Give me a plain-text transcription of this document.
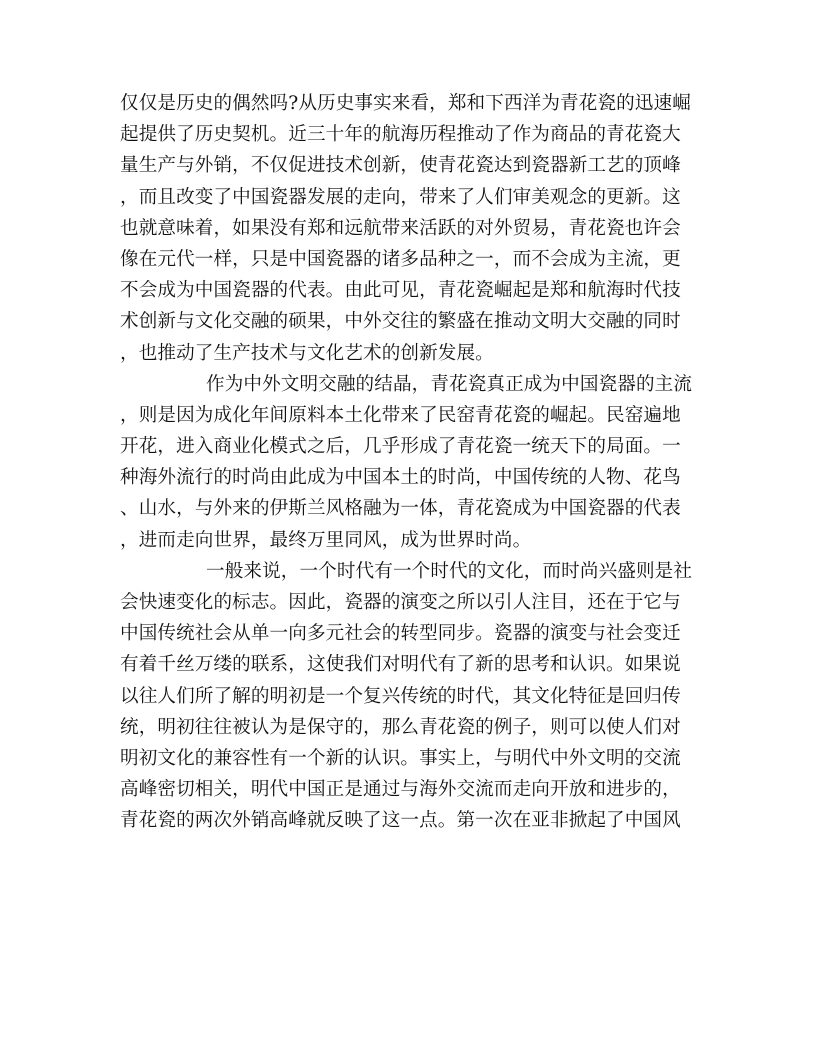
仅仅是历史的偶然吗?从历史事实来看，郑和下西洋为青花瓷的迅速崛
起提供了历史契机。近三十年的航海历程推动了作为商品的青花瓷大
量生产与外销，不仅促进技术创新，使青花瓷达到瓷器新工艺的顶峰
，而且改变了中国瓷器发展的走向，带来了人们审美观念的更新。这
也就意味着，如果没有郑和远航带来活跃的对外贸易，青花瓷也许会
像在元代一样，只是中国瓷器的诸多品种之一，而不会成为主流，更
不会成为中国瓷器的代表。由此可见，青花瓷崛起是郑和航海时代技
术创新与文化交融的硕果，中外交往的繁盛在推动文明大交融的同时
，也推动了生产技术与文化艺术的创新发展。
作为中外文明交融的结晶，青花瓷真正成为中国瓷器的主流
，则是因为成化年间原料本土化带来了民窑青花瓷的崛起。民窑遍地
开花，进入商业化模式之后，几乎形成了青花瓷一统天下的局面。一
种海外流行的时尚由此成为中国本土的时尚，中国传统的人物、花鸟
、山水，与外来的伊斯兰风格融为一体，青花瓷成为中国瓷器的代表
，进而走向世界，最终万里同风，成为世界时尚。
一般来说，一个时代有一个时代的文化，而时尚兴盛则是社
会快速变化的标志。因此，瓷器的演变之所以引人注目，还在于它与
中国传统社会从单一向多元社会的转型同步。瓷器的演变与社会变迁
有着千丝万缕的联系，这使我们对明代有了新的思考和认识。如果说
以往人们所了解的明初是一个复兴传统的时代，其文化特征是回归传
统，明初往往被认为是保守的，那么青花瓷的例子，则可以使人们对
明初文化的兼容性有一个新的认识。事实上，与明代中外文明的交流
高峰密切相关，明代中国正是通过与海外交流而走向开放和进步的，
青花瓷的两次外销高峰就反映了这一点。第一次在亚非掀起了中国风
